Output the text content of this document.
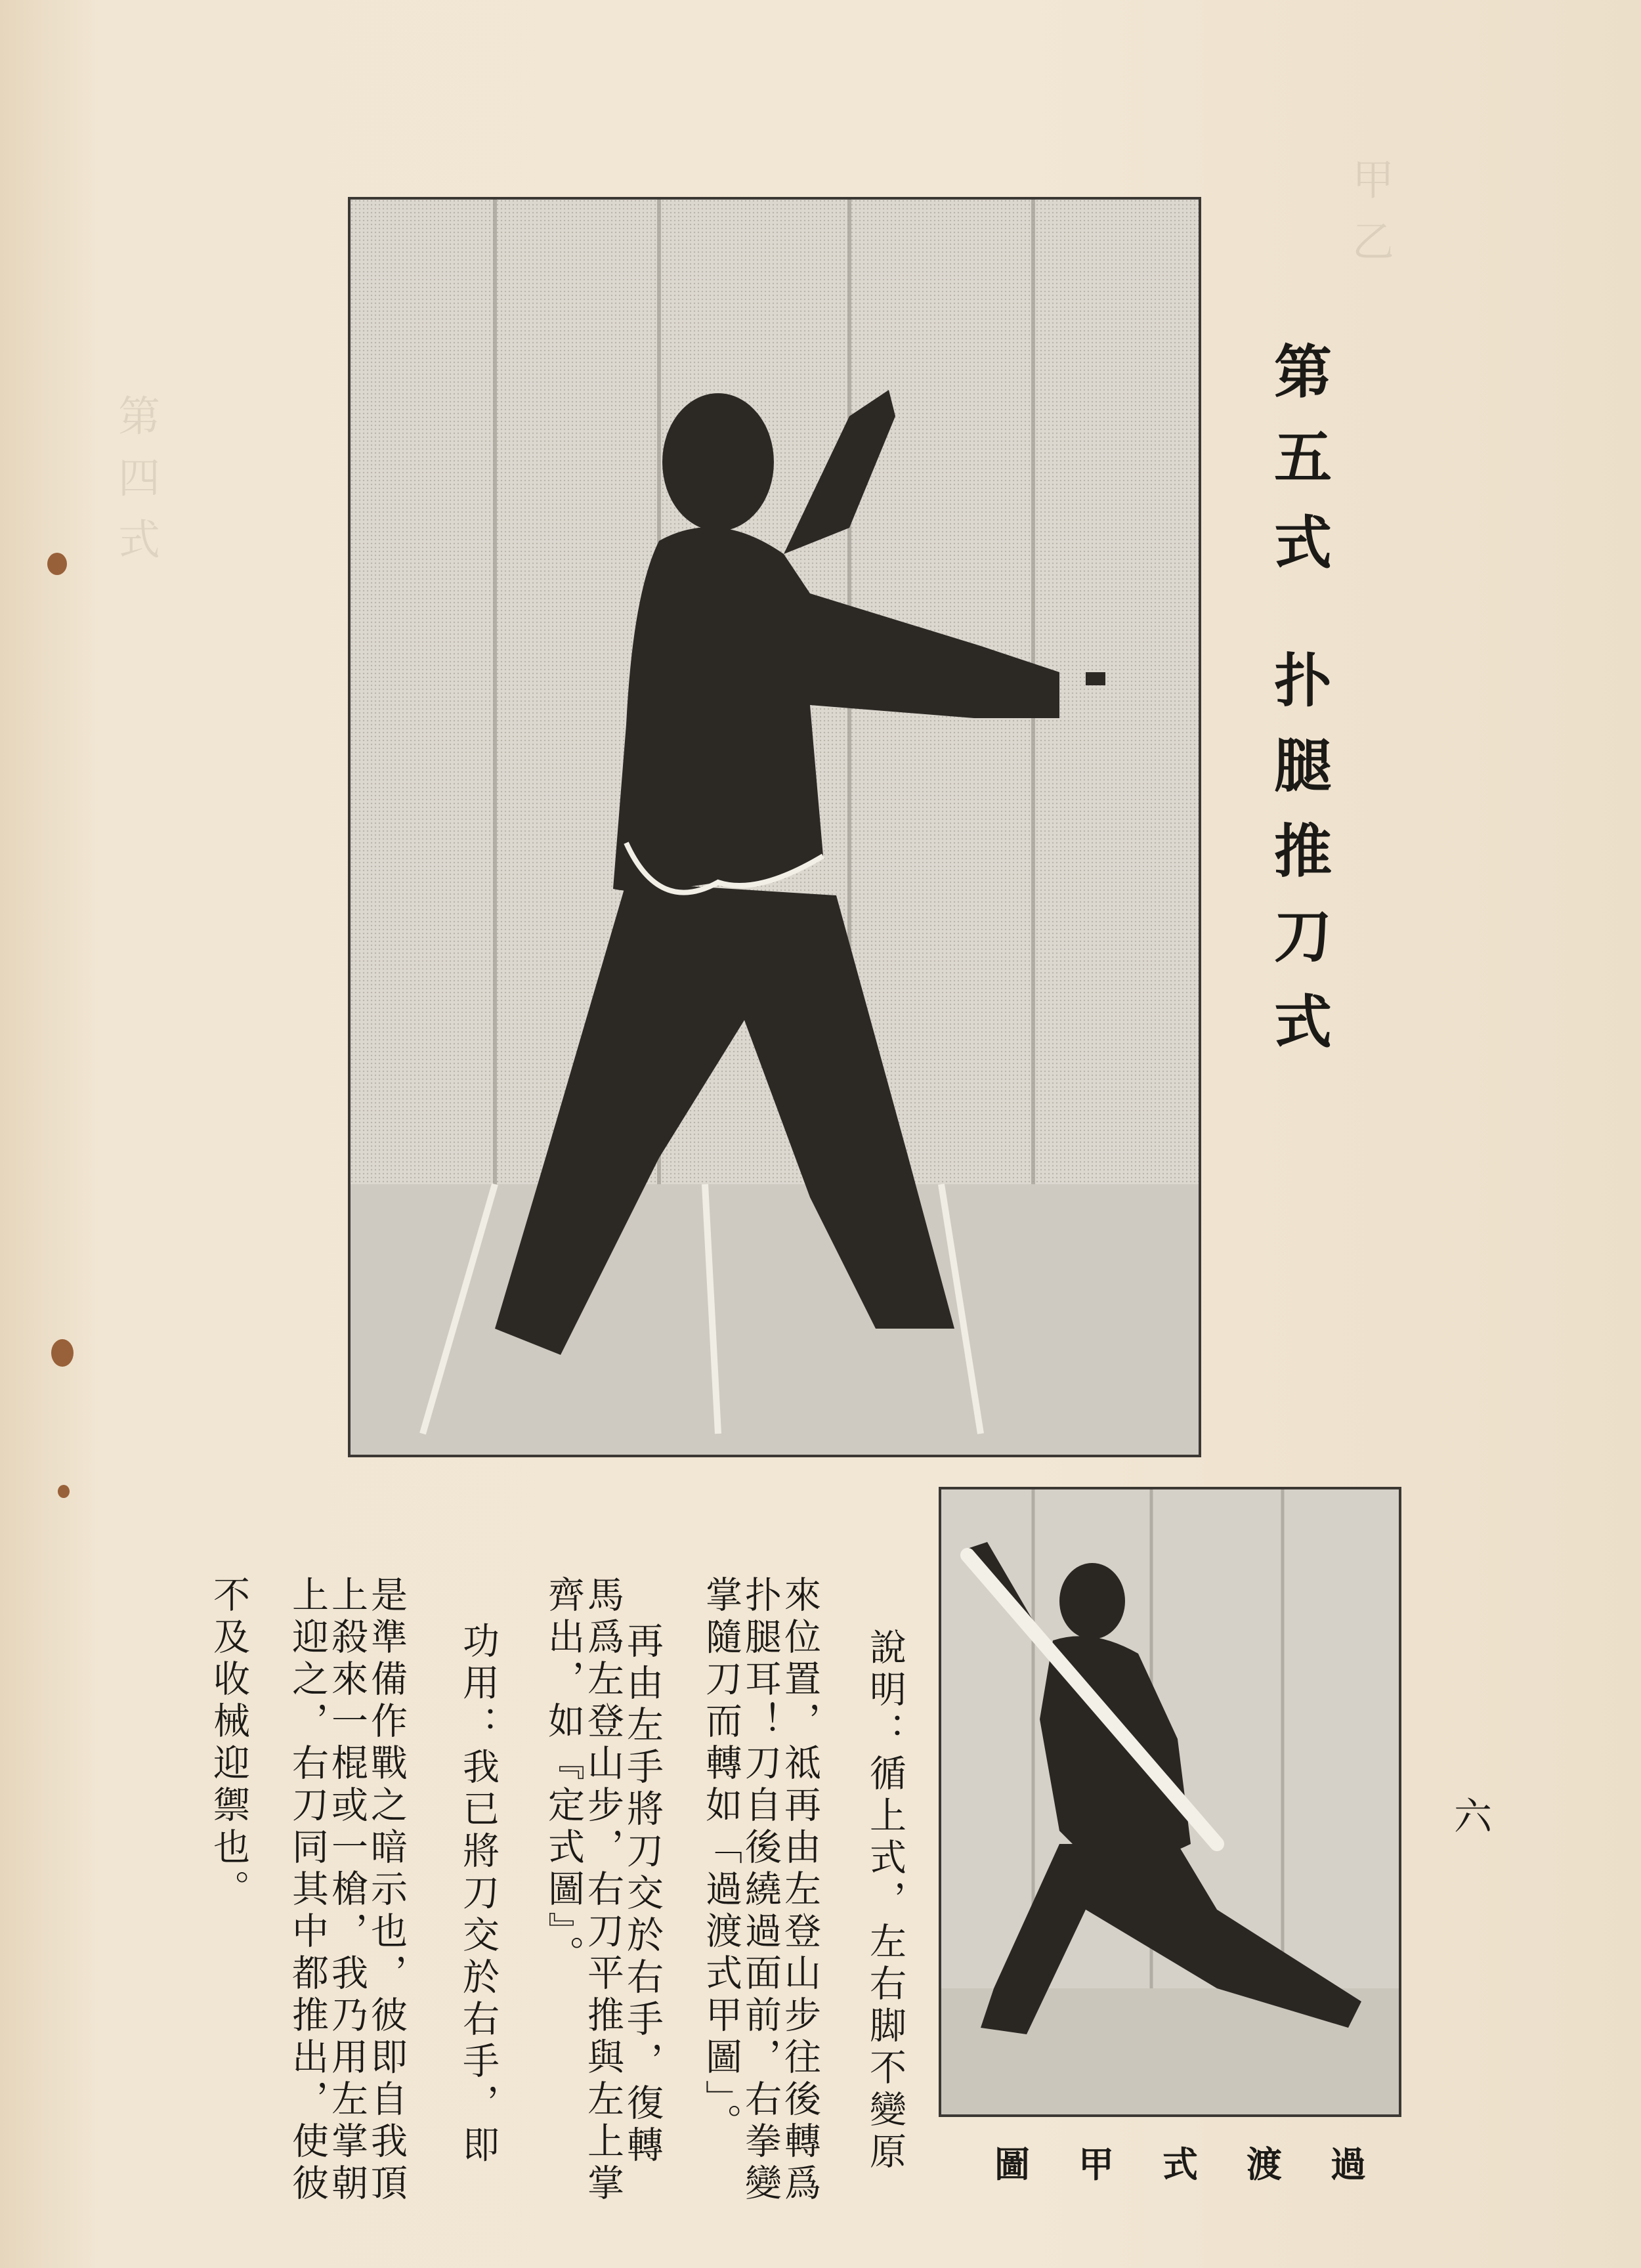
甲乙
第四式	第五式扑腿推刀式
說明：循上式，左右脚不變原
來位置，祗再由左登山步往後轉爲
扑腿耳！刀自後繞過面前，右拳變
掌隨刀而轉如「過渡式甲圖」。
再由左手將刀交於右手，復轉
馬爲左登山步，右刀平推與左上掌
齊出，如『定式圖』。
功用：我已將刀交於右手，即
是準備作戰之暗示也，彼即自我頂
上殺來一棍或一槍，我乃用左掌朝
上迎之，右刀同其中都推出，使彼
不及收械迎禦也。
過渡式甲圖
六
